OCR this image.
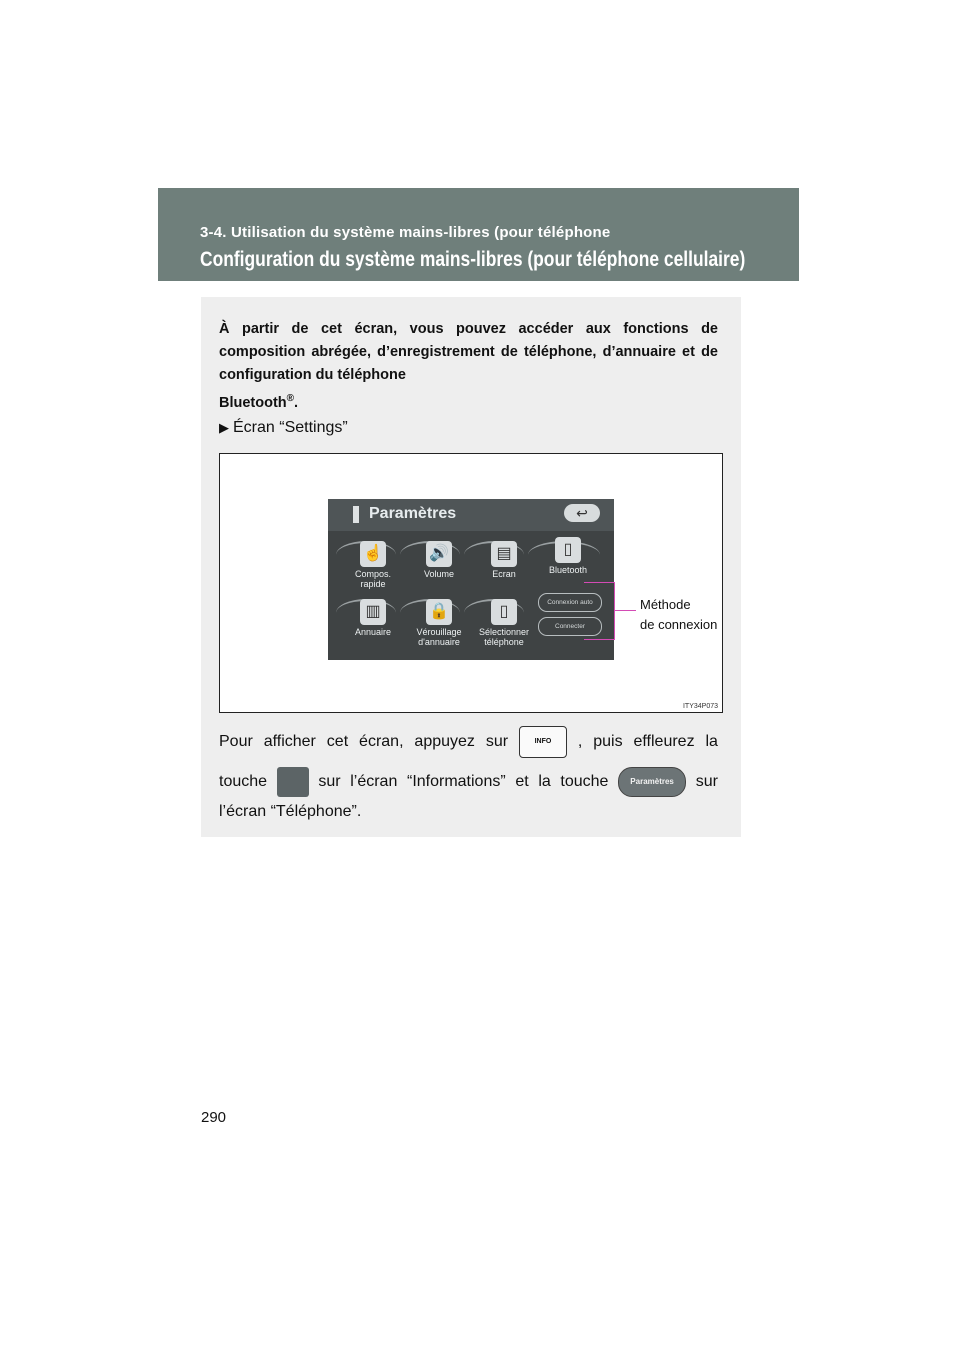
3-4. Utilisation du système mains-libres (pour téléphone
Configuration du système mains-libres (pour téléphone cellulaire)

À partir de cet écran, vous pouvez accéder aux fonctions de composition abrégée, d’enregistrement de téléphone, d’annuaire et de configuration du téléphone
Bluetooth®.

▶ Écran “Settings”
Paramètres	↩
☝
Compos. rapide
🔊
Volume
▤
Ecran
▯
Bluetooth
▥
Annuaire
🔒
Vérouillage d'annuaire
▯
Sélectionner téléphone
Connexion auto
Connecter
Méthode
de connexion
ITY34P073
Pour afficher cet écran, appuyez sur	INFO	, puis effleurez la
touche	sur l’écran “Informations” et la touche	Paramètres	sur
l’écran “Téléphone”.
290
